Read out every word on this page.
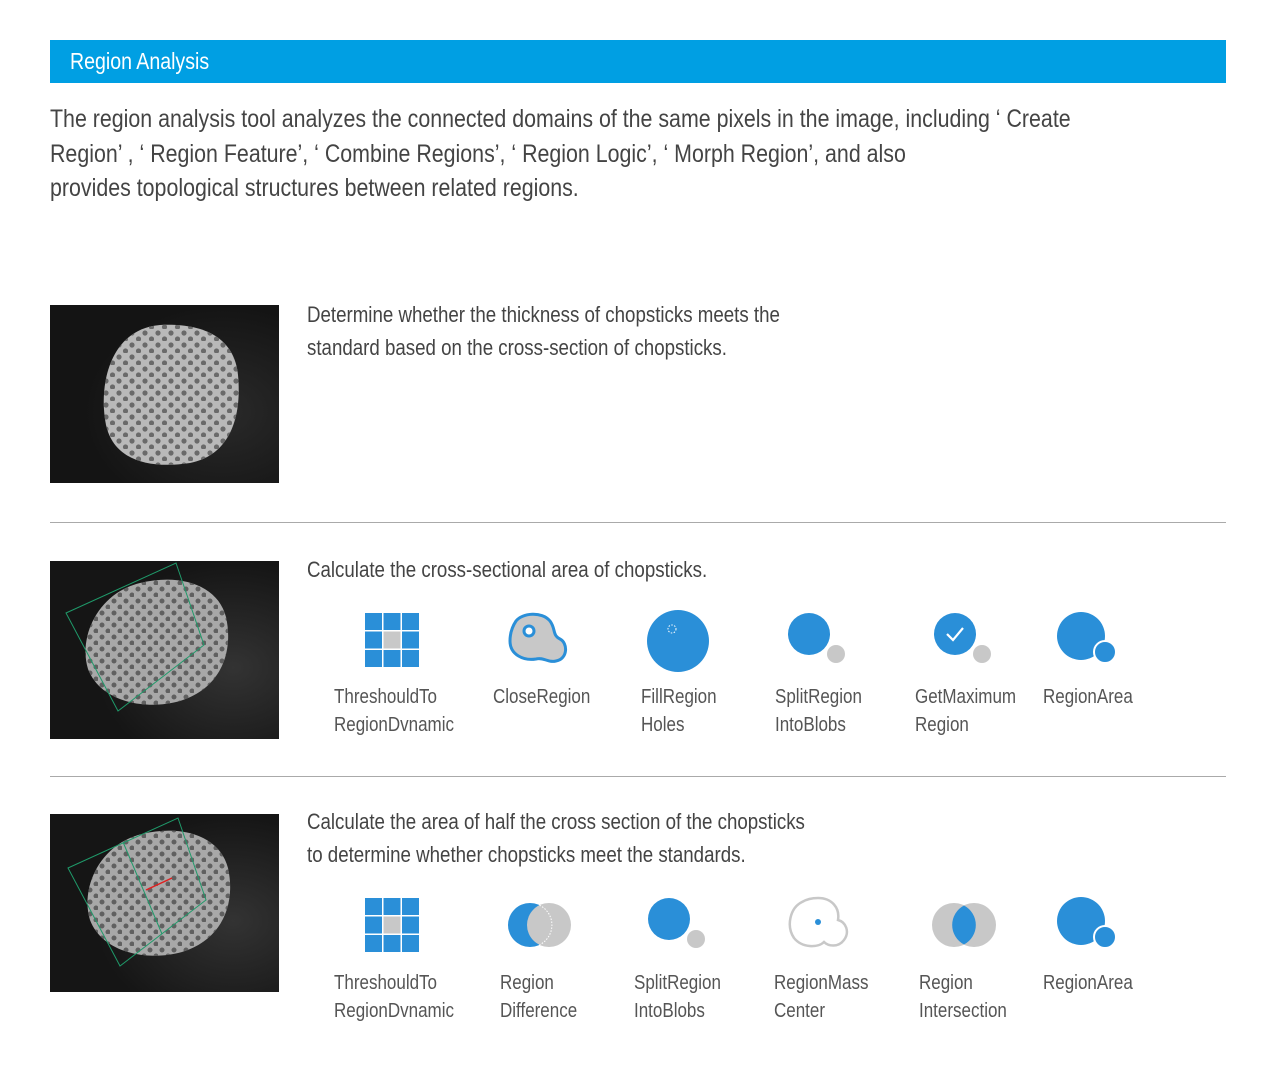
Region Analysis
The region analysis tool analyzes the connected domains of the same pixels in the image, including ‘ Create
Region’ , ‘ Region Feature’, ‘ Combine Regions’, ‘ Region Logic’, ‘ Morph Region’, and also
provides topological structures between related regions.
Determine whether the thickness of chopsticks meets the
standard based on the cross-section of chopsticks.
Calculate the cross-sectional area of chopsticks.
ThreshouldTo
RegionDvnamic
CloseRegion	FillRegion
Holes
SplitRegion
IntoBlobs
GetMaximum
Region
RegionArea
Calculate the area of half the cross section of the chopsticks
to determine whether chopsticks meet the standards.
ThreshouldTo
RegionDvnamic
Region
Difference
SplitRegion
IntoBlobs
RegionMass
Center
Region
Intersection
RegionArea
